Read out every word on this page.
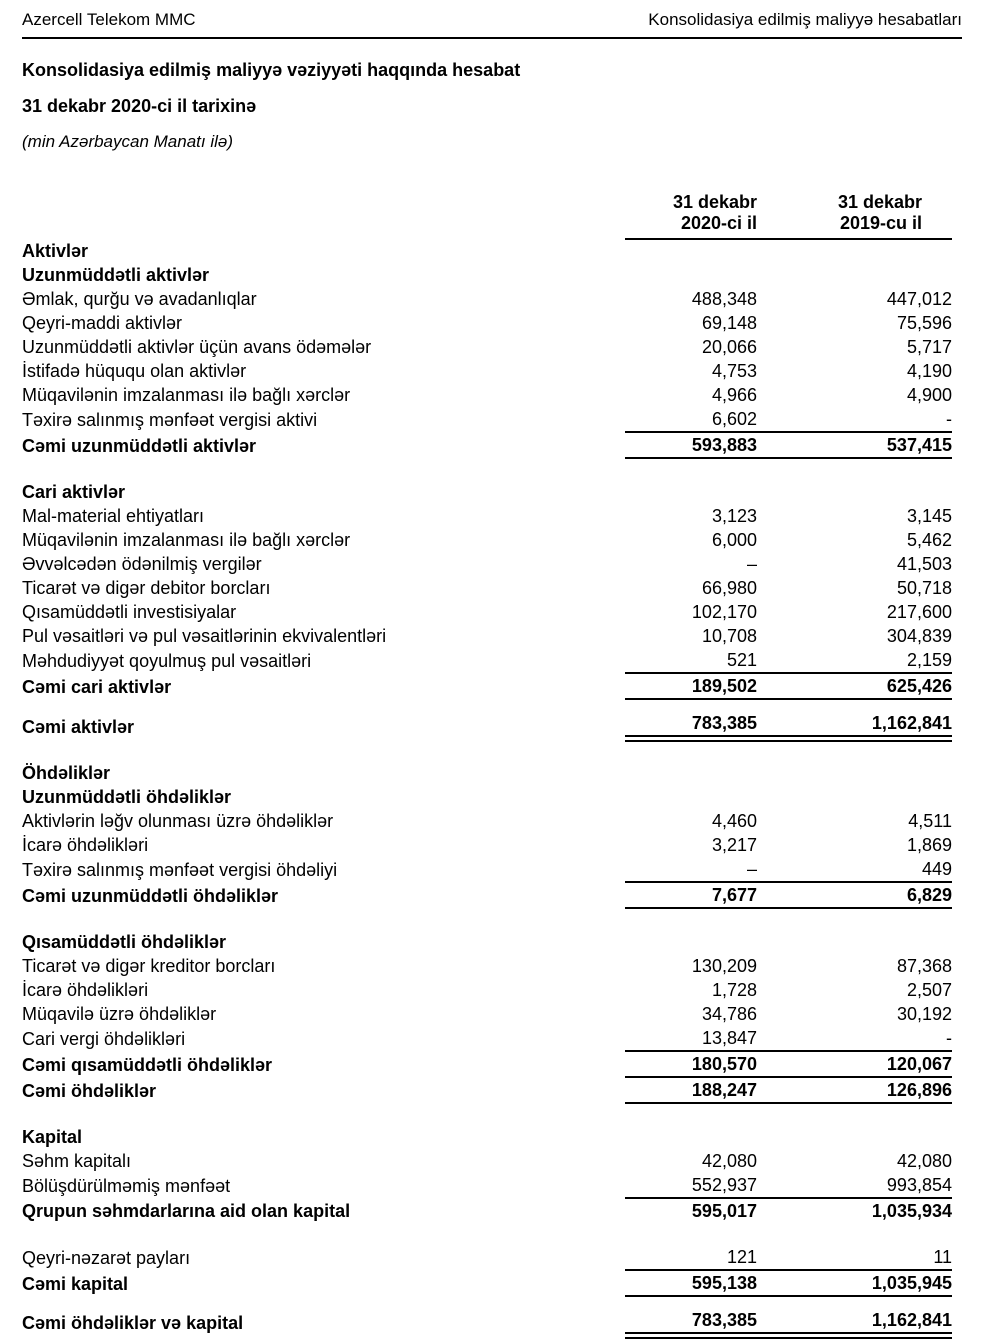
Azercell Telekom MMC	Konsolidasiya edilmiş maliyyə hesabatları
Konsolidasiya edilmiş maliyyə vəziyyəti haqqında hesabat
31 dekabr 2020-ci il tarixinə
(min Azərbaycan Manatı ilə)

31 dekabr
2020-ci il

31 dekabr
2019-cu il

Aktivlər		
Uzunmüddətli aktivlər		
Əmlak, qurğu və avadanlıqlar	488,348	447,012
Qeyri-maddi aktivlər	69,148	75,596
Uzunmüddətli aktivlər üçün avans ödəmələr	20,066	5,717
İstifadə hüququ olan aktivlər	4,753	4,190
Müqavilənin imzalanması ilə bağlı xərclər	4,966	4,900
Təxirə salınmış mənfəət vergisi aktivi	6,602	-
Cəmi uzunmüddətli aktivlər	593,883	537,415

Cari aktivlər		
Mal-material ehtiyatları	3,123	3,145
Müqavilənin imzalanması ilə bağlı xərclər	6,000	5,462
Əvvəlcədən ödənilmiş vergilər	–	41,503
Ticarət və digər debitor borcları	66,980	50,718
Qısamüddətli investisiyalar	102,170	217,600
Pul vəsaitləri və pul vəsaitlərinin ekvivalentləri	10,708	304,839
Məhdudiyyət qoyulmuş pul vəsaitləri	521	2,159
Cəmi cari aktivlər	189,502	625,426

Cəmi aktivlər	783,385	1,162,841

Öhdəliklər		
Uzunmüddətli öhdəliklər		
Aktivlərin ləğv olunması üzrə öhdəliklər	4,460	4,511
İcarə öhdəlikləri	3,217	1,869
Təxirə salınmış mənfəət vergisi öhdəliyi	–	449
Cəmi uzunmüddətli öhdəliklər	7,677	6,829

Qısamüddətli öhdəliklər		
Ticarət və digər kreditor borcları	130,209	87,368
İcarə öhdəlikləri	1,728	2,507
Müqavilə üzrə öhdəliklər	34,786	30,192
Cari vergi öhdəlikləri	13,847	-
Cəmi qısamüddətli öhdəliklər	180,570	120,067
Cəmi öhdəliklər	188,247	126,896

Kapital		
Səhm kapitalı	42,080	42,080
Bölüşdürülməmiş mənfəət	552,937	993,854
Qrupun səhmdarlarına aid olan kapital	595,017	1,035,934

Qeyri-nəzarət payları	121	11
Cəmi kapital	595,138	1,035,945

Cəmi öhdəliklər və kapital	783,385	1,162,841
